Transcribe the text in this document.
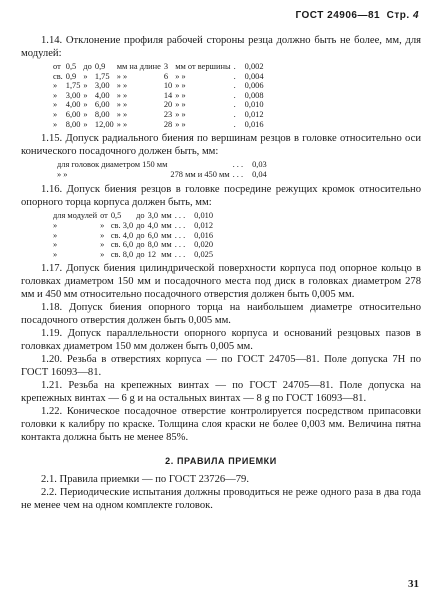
ГОСТ 24906—81 Стр. 4

1.14. Отклонение профиля рабочей стороны резца должно быть не более, мм, для модулей:

от	0,5	до	0,9	мм на длине	3	мм от вершины	.	0,002
св.	0,9	»	1,75	» »	6	» »	.	0,004
»	1,75	»	3,00	» »	10	» »	.	0,006
»	3,00	»	4,00	» »	14	» »	.	0,008
»	4,00	»	6,00	» »	20	» »	.	0,010
»	6,00	»	8,00	» »	23	» »	.	0,012
»	8,00	»	12,00	» »	28	» »	.	0,016

1.15. Допуск радиального биения по вершинам резцов в головке относительно оси конического посадочного должен быть, мм:

для головок диаметром 150 мм		. . .	0,03
» »	278 мм и 450 мм	. . .	0,04

1.16. Допуск биения резцов в головке посредине режущих кромок относительно опорного торца корпуса должен быть, мм:

для модулей	от	0,5	до	3,0	мм	. . .	0,010
»	»	св. 3,0	до	4,0	мм	. . .	0,012
»	»	св. 4,0	до	6,0	мм	. . .	0,016
»	»	св. 6,0	до	8,0	мм	. . .	0,020
»	»	св. 8,0	до	12	мм	. . .	0,025

1.17. Допуск биения цилиндрической поверхности корпуса под опорное кольцо в головках диаметром 150 мм и посадочного места под диск в головках диаметром 278 мм и 450 мм относительно посадочного отверстия должен быть 0,005 мм.

1.18. Допуск биения опорного торца на наибольшем диаметре относительно посадочного отверстия должен быть 0,005 мм.

1.19. Допуск параллельности опорного корпуса и оснований резцовых пазов в головках диаметром 150 мм должен быть 0,005 мм.

1.20. Резьба в отверстиях корпуса — по ГОСТ 24705—81. Поле допуска 7Н по ГОСТ 16093—81.

1.21. Резьба на крепежных винтах — по ГОСТ 24705—81. Поле допуска на крепежных винтах — 6 g и на остальных винтах — 8 g по ГОСТ 16093—81.

1.22. Коническое посадочное отверстие контролируется посредством припасовки головки к калибру по краске. Толщина слоя краски не более 0,003 мм. Величина пятна контакта должна быть не менее 85%.

2. ПРАВИЛА ПРИЕМКИ

2.1. Правила приемки — по ГОСТ 23726—79.

2.2. Периодические испытания должны проводиться не реже одного раза в два года не менее чем на одном комплекте головок.

31
